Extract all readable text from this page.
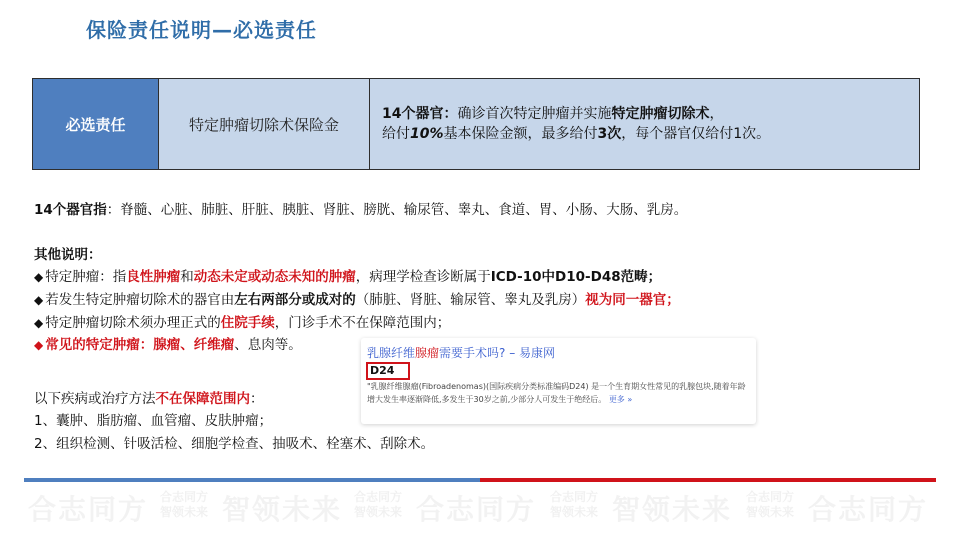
保险责任说明—必选责任
必选责任	特定肿瘤切除术保险金
14个器官：确诊首次特定肿瘤并实施特定肿瘤切除术，
给付10%基本保险金额，最多给付3次，每个器官仅给付1次。
14个器官指：脊髓、心脏、肺脏、肝脏、胰脏、肾脏、膀胱、输尿管、睾丸、食道、胃、小肠、大肠、乳房。
其他说明：
◆ 特定肿瘤：指良性肿瘤和动态未定或动态未知的肿瘤，病理学检查诊断属于ICD-10中D10-D48范畴；
◆ 若发生特定肿瘤切除术的器官由左右两部分或成对的（肺脏、肾脏、输尿管、睾丸及乳房）视为同一器官；
◆ 特定肿瘤切除术须办理正式的住院手续，门诊手术不在保障范围内；
◆ 常见的特定肿瘤：腺瘤、纤维瘤、息肉等。
以下疾病或治疗方法不在保障范围内：
1、囊肿、脂肪瘤、血管瘤、皮肤肿瘤；
2、组织检测、针吸活检、细胞学检查、抽吸术、栓塞术、刮除术。
乳腺纤维腺瘤需要手术吗? – 易康网
D24
"乳腺纤维腺瘤(Fibroadenomas)(国际疾病分类标准编码D24) 是一个生育期女性常见的乳腺包块,随着年龄增大发生率逐渐降低,多发生于30岁之前,少部分人可发生于绝经后。 更多 »
合志同方 合志同方
智领未来 智领未来 合志同方
智领未来 合志同方	合志同方
智领未来 智领未来	合志同方
智领未来 合志同方
